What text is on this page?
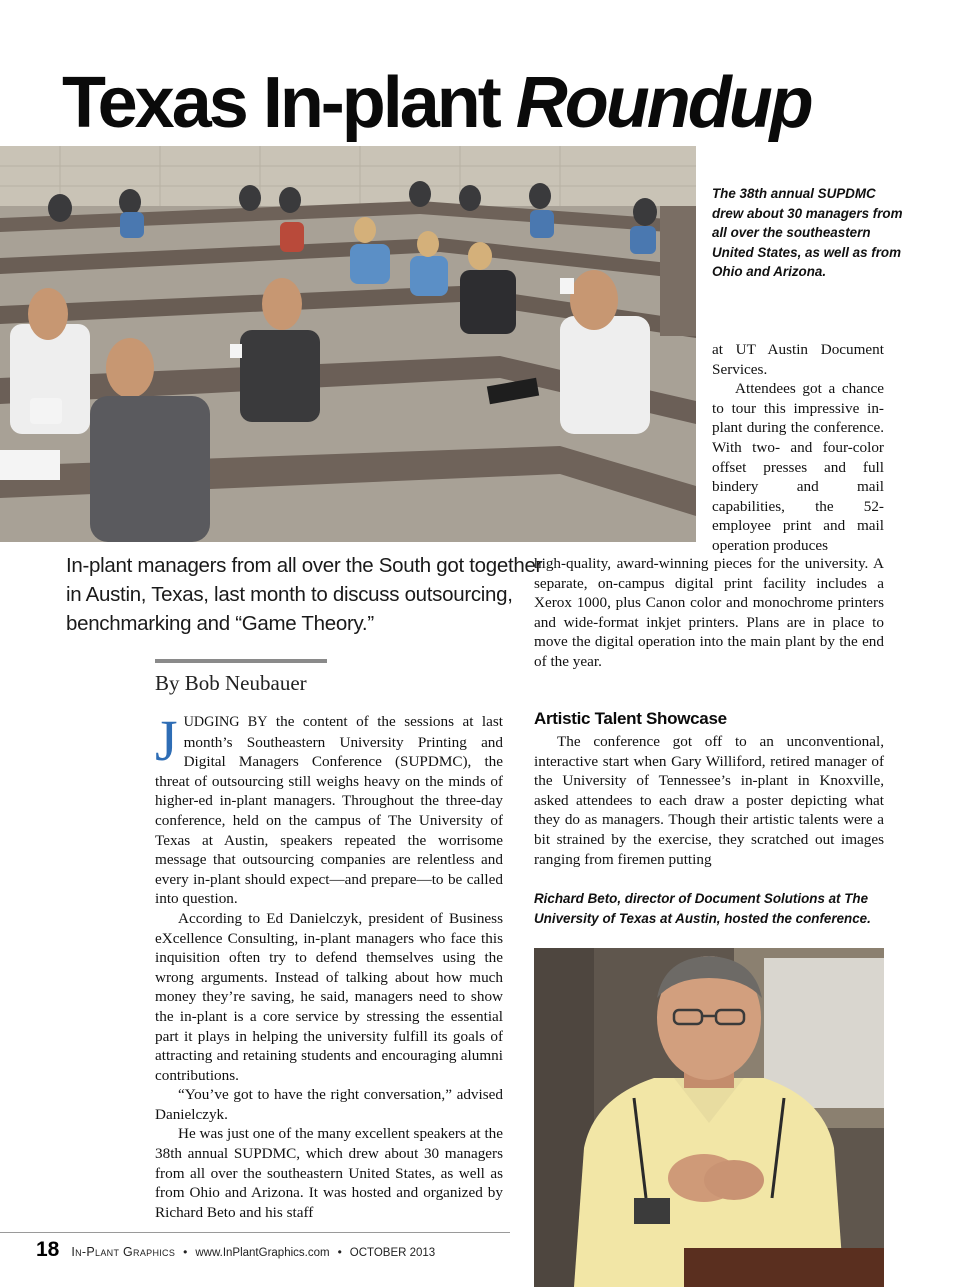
Texas In-plant Roundup

The 38th annual SUPDMC drew about 30 managers from all over the southeastern United States, as well as from Ohio and Arizona.

In-plant managers from all over the South got together in Austin, Texas, last month to discuss outsourcing, benchmarking and “Game Theory.”

By Bob Neubauer

JUDGING BY the content of the sessions at last month’s Southeastern University Printing and Digital Managers Conference (SUPDMC), the threat of outsourcing still weighs heavy on the minds of higher-ed in-plant managers. Throughout the three-day conference, held on the campus of The University of Texas at Austin, speakers repeated the worrisome message that outsourcing companies are relentless and every in-plant should expect—and prepare—to be called into question.

According to Ed Danielczyk, president of Business eXcellence Consulting, in-plant managers who face this inquisition often try to defend themselves using the wrong arguments. Instead of talking about how much money they’re saving, he said, managers need to show the in-plant is a core service by stressing the essential part it plays in helping the university fulfill its goals of attracting and retaining students and encouraging alumni contributions.

“You’ve got to have the right conversation,” advised Danielczyk.

He was just one of the many excellent speakers at the 38th annual SUPDMC, which drew about 30 managers from all over the southeastern United States, as well as from Ohio and Arizona. It was hosted and organized by Richard Beto and his staff

at UT Austin Document Services.

Attendees got a chance to tour this impressive in-plant during the conference. With two- and four-color offset presses and full bindery and mail capabilities, the 52-employee print and mail operation produces

high-quality, award-winning pieces for the university. A separate, on-campus digital print facility includes a Xerox 1000, plus Canon color and monochrome printers and wide-format inkjet printers. Plans are in place to move the digital operation into the main plant by the end of the year.

Artistic Talent Showcase

The conference got off to an unconventional, interactive start when Gary Williford, retired manager of the University of Tennessee’s in-plant in Knoxville, asked attendees to each draw a poster depicting what they do as managers. Though their artistic talents were a bit strained by the exercise, they scratched out images ranging from firemen putting

Richard Beto, director of Document Solutions at The University of Texas at Austin, hosted the conference.

18 In-Plant Graphics • www.InPlantGraphics.com • OCTOBER 2013
